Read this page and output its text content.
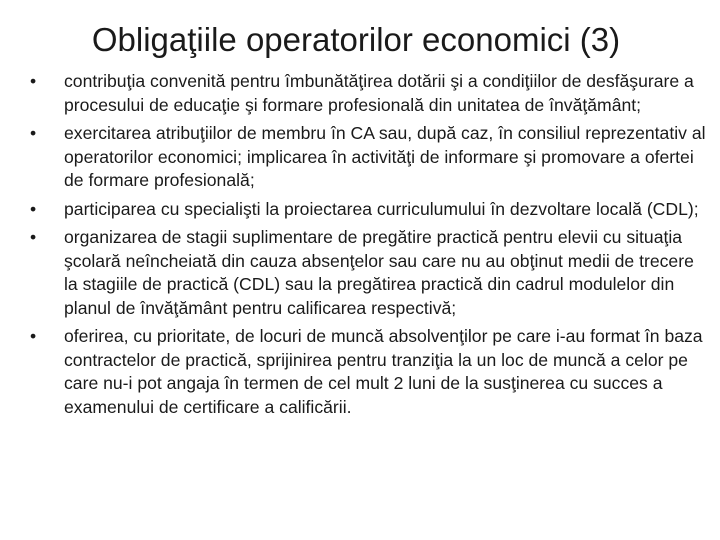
Obligaţiile operatorilor economici (3)
•	contribuţia convenită pentru îmbunătăţirea dotării şi a condiţiilor de desfăşurare a procesului de educaţie şi formare profesională din unitatea de învăţământ;
•	exercitarea atribuţiilor de membru în CA sau, după caz, în consiliul reprezentativ al operatorilor economici; implicarea în activităţi de informare şi promovare a ofertei de formare profesională;
•	participarea cu specialişti la proiectarea curriculumului în dezvoltare locală (CDL);
•	organizarea de stagii suplimentare de pregătire practică pentru elevii cu situaţia şcolară neîncheiată din cauza absenţelor sau care nu au obţinut medii de trecere la stagiile de practică (CDL) sau la pregătirea practică din cadrul modulelor din planul de învăţământ pentru calificarea respectivă;
•	oferirea, cu prioritate, de locuri de muncă absolvenţilor pe care i-au format în baza contractelor de practică, sprijinirea pentru tranziţia la un loc de muncă a celor pe care nu-i pot angaja în termen de cel mult 2 luni de la susţinerea cu succes a examenului de certificare a calificării.
